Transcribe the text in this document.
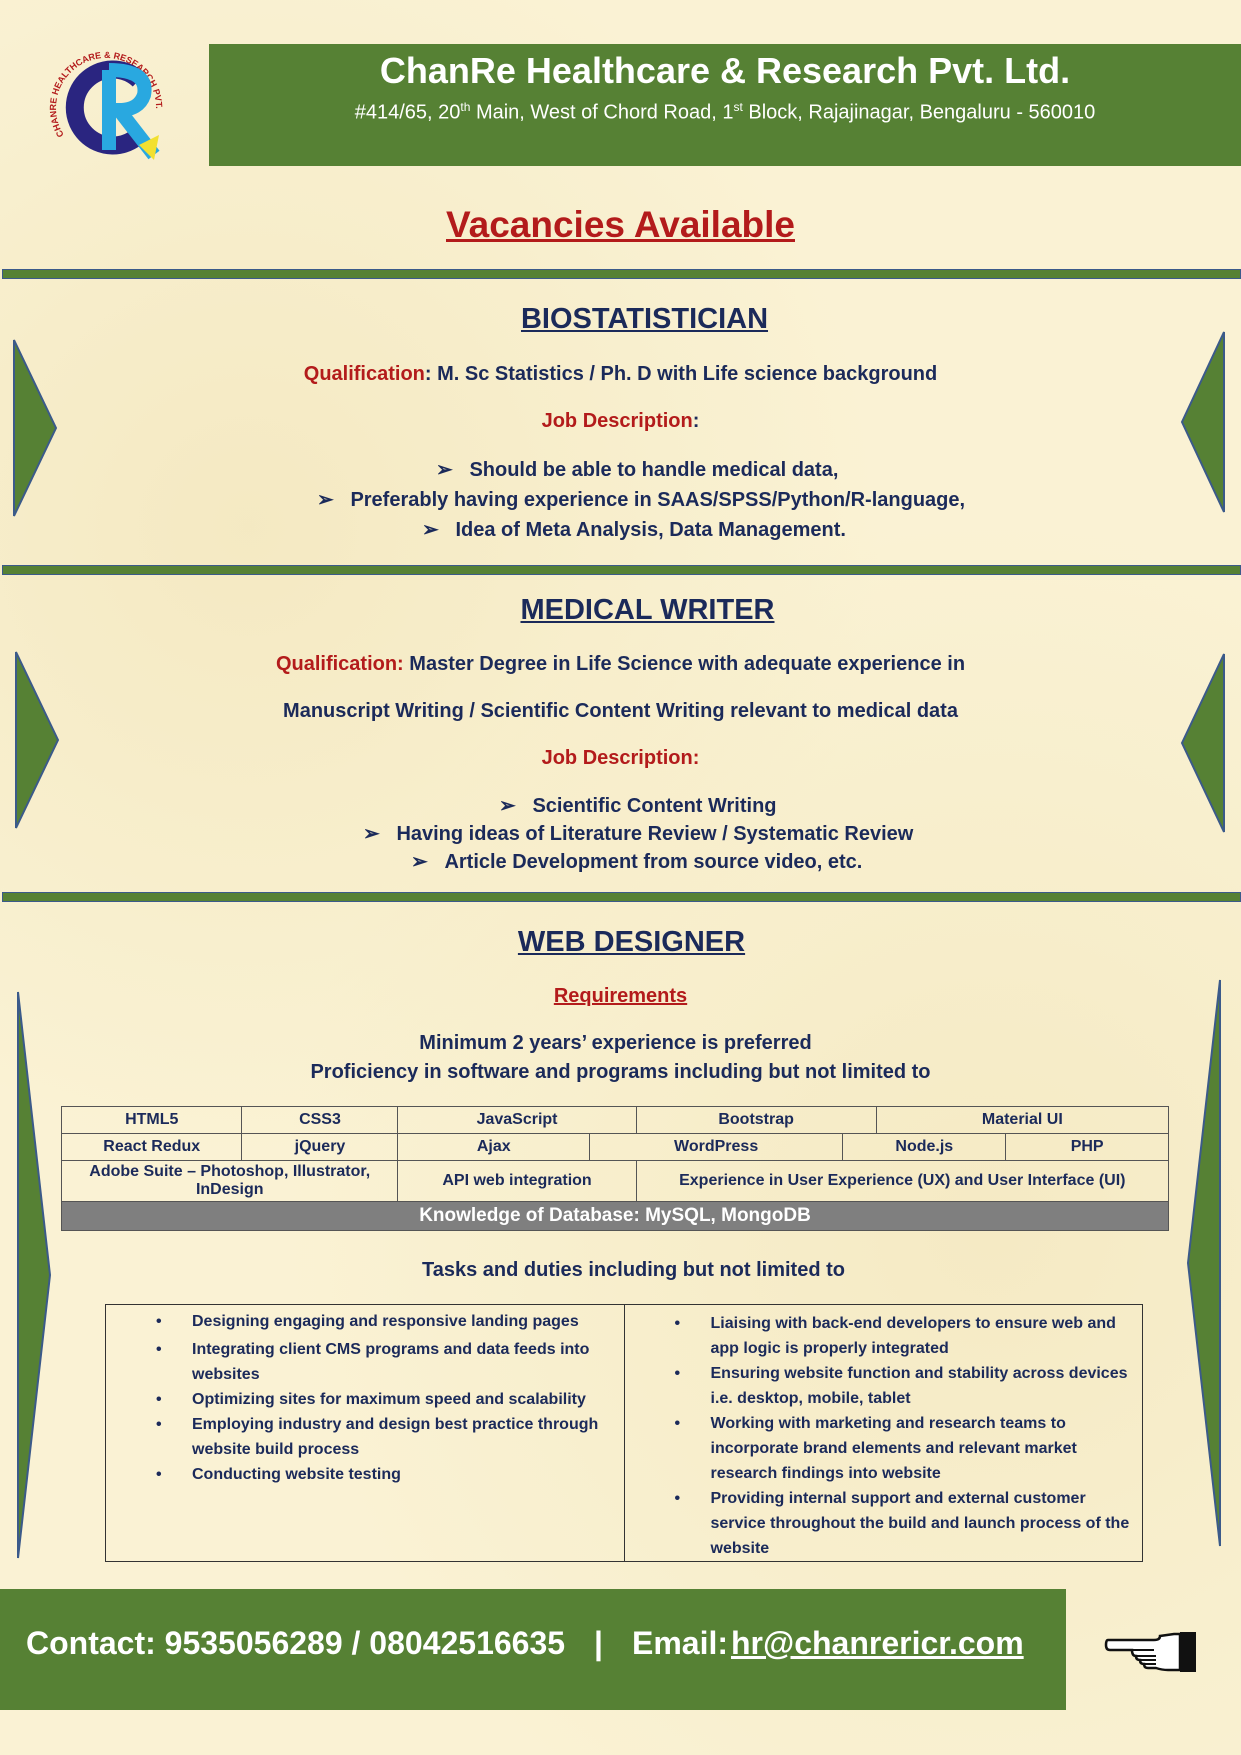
CHANRE HEALTHCARE & RESEARCH PVT.
ChanRe Healthcare & Research Pvt. Ltd.
#414/65, 20th Main, West of Chord Road, 1st Block, Rajajinagar, Bengaluru - 560010
Vacancies Available
BIOSTATISTICIAN
Qualification: M. Sc Statistics / Ph. D with Life science background
Job Description:
➢   Should be able to handle medical data,
➢   Preferably having experience in SAAS/SPSS/Python/R-language,
➢   Idea of Meta Analysis, Data Management.
MEDICAL WRITER
Qualification: Master Degree in Life Science with adequate experience in
Manuscript Writing / Scientific Content Writing relevant to medical data
Job Description:
➢   Scientific Content Writing
➢   Having ideas of Literature Review / Systematic Review
➢   Article Development from source video, etc.
WEB DESIGNER
Requirements
Minimum 2 years’ experience is preferred
Proficiency in software and programs including but not limited to
HTML5	CSS3	JavaScript		Bootstrap		Material UI	
React Redux	jQuery	Ajax	WordPress		Node.js		PHP
Adobe Suite – Photoshop, Illustrator, InDesign		API web integration		Experience in User Experience (UX) and User Interface (UI)			
Knowledge of Database: MySQL, MongoDB							
Tasks and duties including but not limited to
• Designing engaging and responsive landing pages
• Integrating client CMS programs and data feeds into websites
• Optimizing sites for maximum speed and scalability
• Employing industry and design best practice through website build process
• Conducting website testing
• Liaising with back-end developers to ensure web and app logic is properly integrated
• Ensuring website function and stability across devices i.e. desktop, mobile, tablet
• Working with marketing and research teams to incorporate brand elements and relevant market research findings into website
• Providing internal support and external customer service throughout the build and launch process of the website
Contact: 9535056289 / 08042516635 | Email: hr@chanrericr.com
